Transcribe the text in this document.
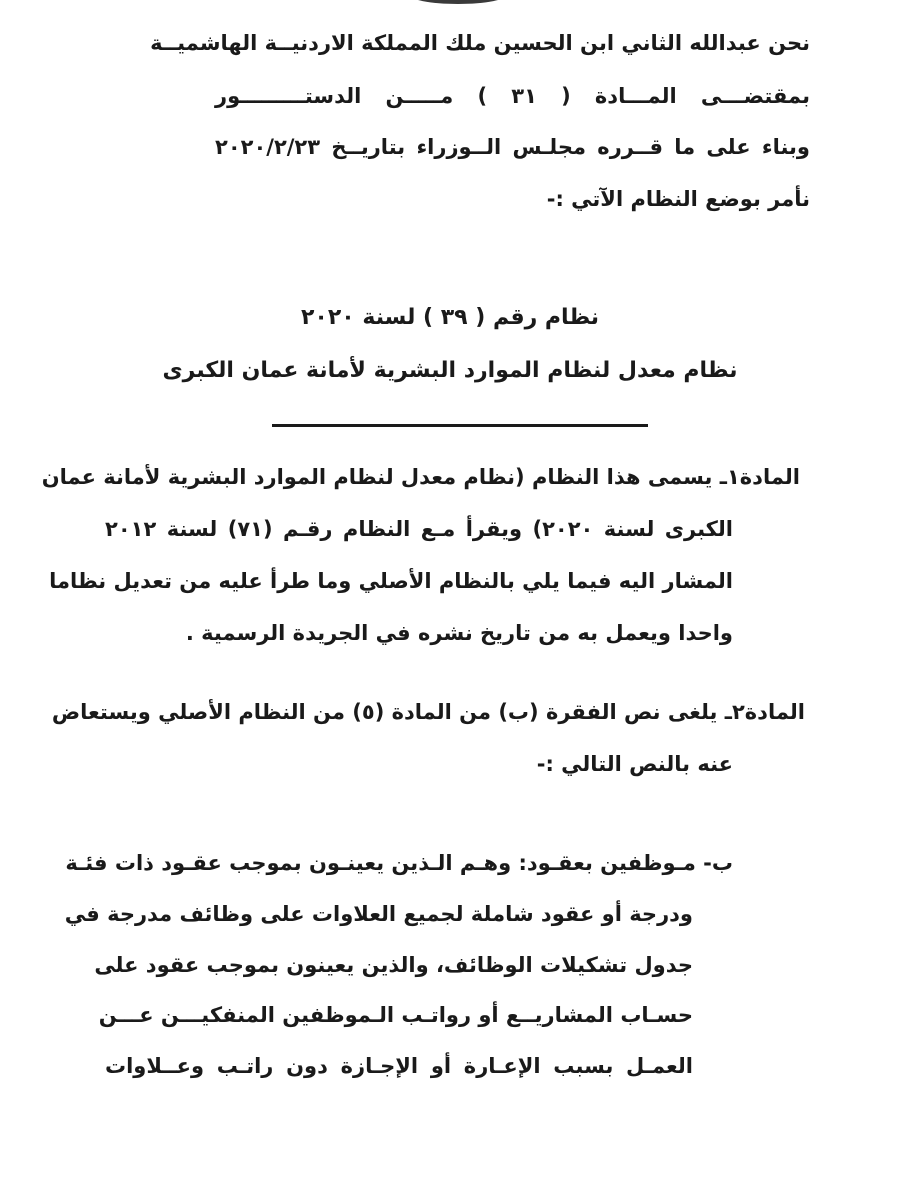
نحن عبدالله الثاني ابن الحسين ملك المملكة الاردنيــة الهاشميــة
بمقتضـــى المـــادة ( ٣١ ) مـــــن الدستـــــــــور
وبناء على ما قــرره مجلـس الــوزراء بتاريــخ ٢٠٢٠/٢/٢٣
نأمر بوضع النظام الآتي :-
نظام رقم ( ٣٩ ) لسنة ٢٠٢٠
نظام معدل لنظام الموارد البشرية لأمانة عمان الكبرى
المادة١ـ يسمى هذا النظام (نظام معدل لنظام الموارد البشرية لأمانة عمان
الكبرى لسنة ٢٠٢٠) ويقرأ مـع النظام رقـم (٧١) لسنة ٢٠١٢
المشار اليه فيما يلي بالنظام الأصلي وما طرأ عليه من تعديل نظاما
واحدا ويعمل به من تاريخ نشره في الجريدة الرسمية .
المادة٢ـ يلغى نص الفقرة (ب) من المادة (٥) من النظام الأصلي ويستعاض
عنه بالنص التالي :-
ب- مـوظفين بعقـود: وهـم الـذين يعينـون بموجب عقـود ذات فئـة
ودرجة أو عقود شاملة لجميع العلاوات على وظائف مدرجة في
جدول تشكيلات الوظائف، والذين يعينون بموجب عقود على
حسـاب المشاريــع أو رواتـب الـموظفين المنفكيـــن عـــن
العمـل بسبب الإعـارة أو الإجـازة دون راتـب وعــلاوات
